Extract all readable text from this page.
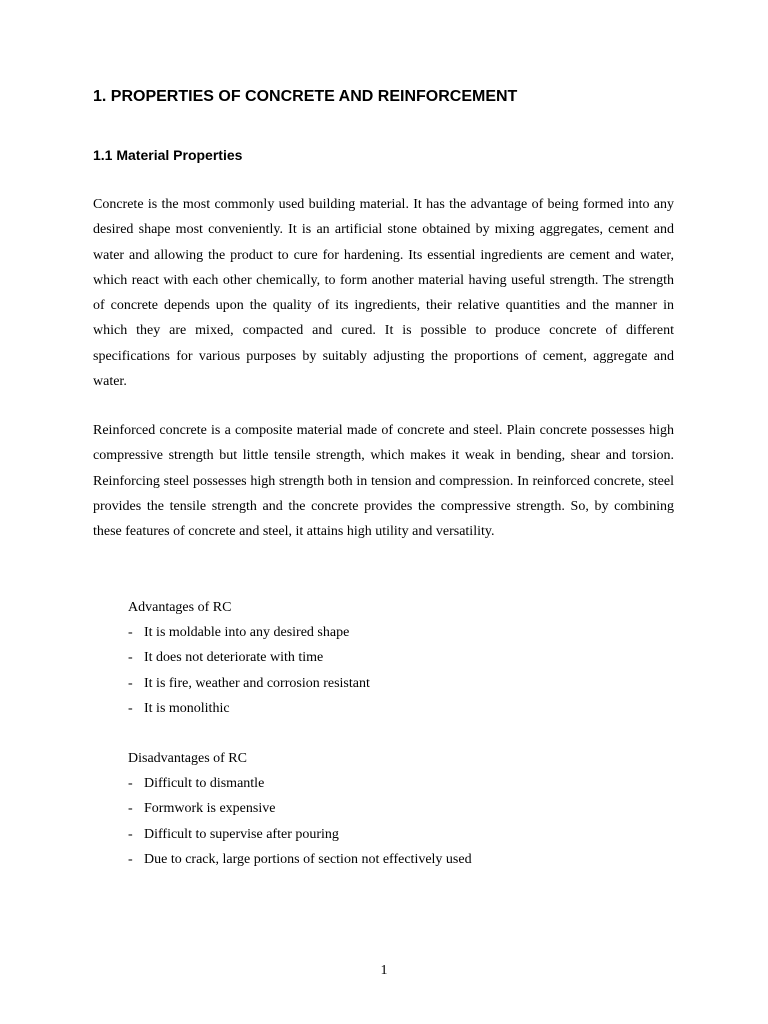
1. PROPERTIES OF CONCRETE AND REINFORCEMENT
1.1 Material Properties

Concrete is the most commonly used building material. It has the advantage of being formed into any desired shape most conveniently. It is an artificial stone obtained by mixing aggregates, cement and water and allowing the product to cure for hardening. Its essential ingredients are cement and water, which react with each other chemically, to form another material having useful strength. The strength of concrete depends upon the quality of its ingredients, their relative quantities and the manner in which they are mixed, compacted and cured. It is possible to produce concrete of different specifications for various purposes by suitably adjusting the proportions of cement, aggregate and water.

Reinforced concrete is a composite material made of concrete and steel. Plain concrete possesses high compressive strength but little tensile strength, which makes it weak in bending, shear and torsion. Reinforcing steel possesses high strength both in tension and compression. In reinforced concrete, steel provides the tensile strength and the concrete provides the compressive strength. So, by combining these features of concrete and steel, it attains high utility and versatility.

Advantages of RC

- It is moldable into any desired shape
- It does not deteriorate with time
- It is fire, weather and corrosion resistant
- It is monolithic

Disadvantages of RC

- Difficult to dismantle
- Formwork is expensive
- Difficult to supervise after pouring
- Due to crack, large portions of section not effectively used
1
